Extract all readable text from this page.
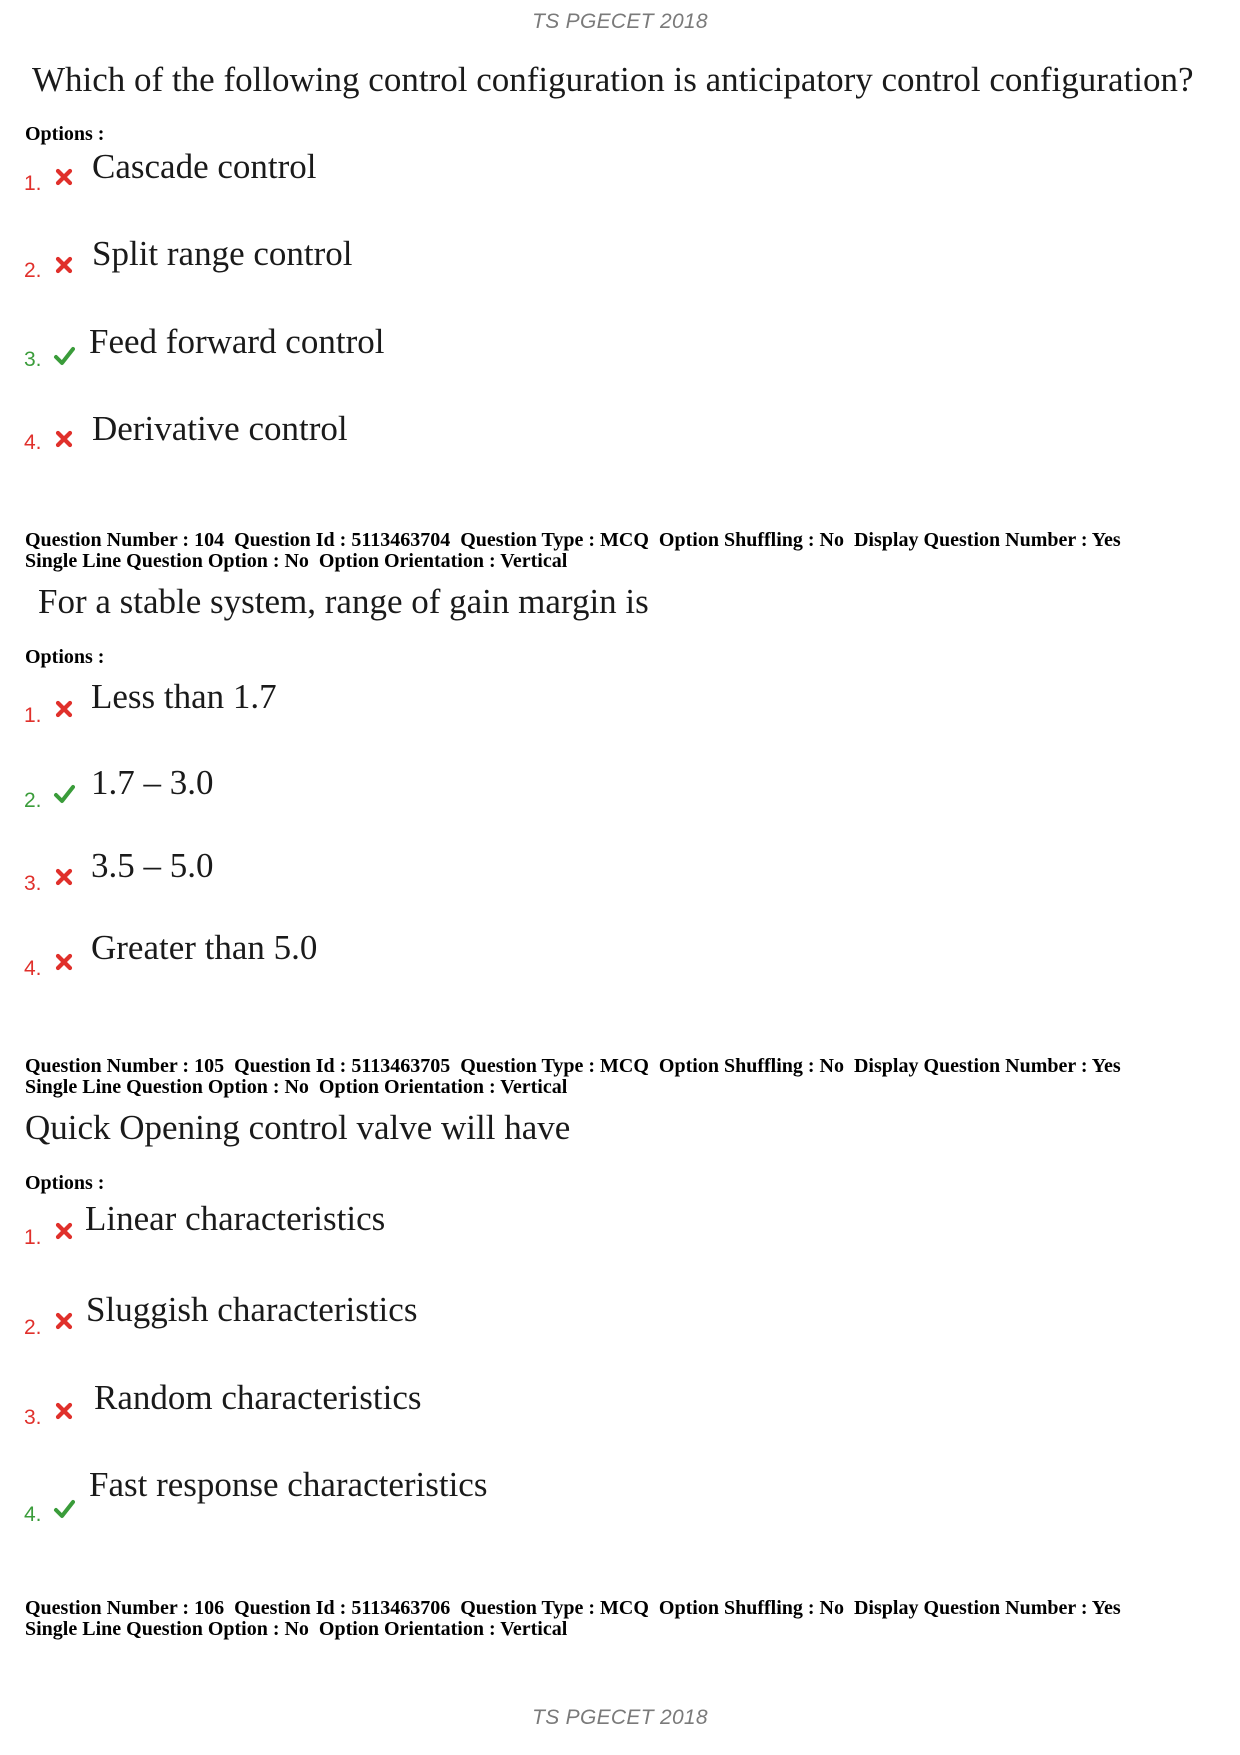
TS PGECET 2018
Which of the following control configuration is anticipatory control configuration?
Options :
1. Cascade control
2. Split range control
3. Feed forward control
4. Derivative control
Question Number : 104  Question Id : 5113463704  Question Type : MCQ  Option Shuffling : No  Display Question Number : Yes
Single Line Question Option : No  Option Orientation : Vertical
For a stable system, range of gain margin is
Options :
1. Less than 1.7
2. 1.7 – 3.0
3. 3.5 – 5.0
4.
Greater than 5.0
Question Number : 105  Question Id : 5113463705  Question Type : MCQ  Option Shuffling : No  Display Question Number : Yes
Single Line Question Option : No  Option Orientation : Vertical
Quick Opening control valve will have
Options :
1. Linear characteristics
2. Sluggish characteristics
3.
Random characteristics
4.
Fast response characteristics
Question Number : 106  Question Id : 5113463706  Question Type : MCQ  Option Shuffling : No  Display Question Number : Yes
Single Line Question Option : No  Option Orientation : Vertical
TS PGECET 2018
